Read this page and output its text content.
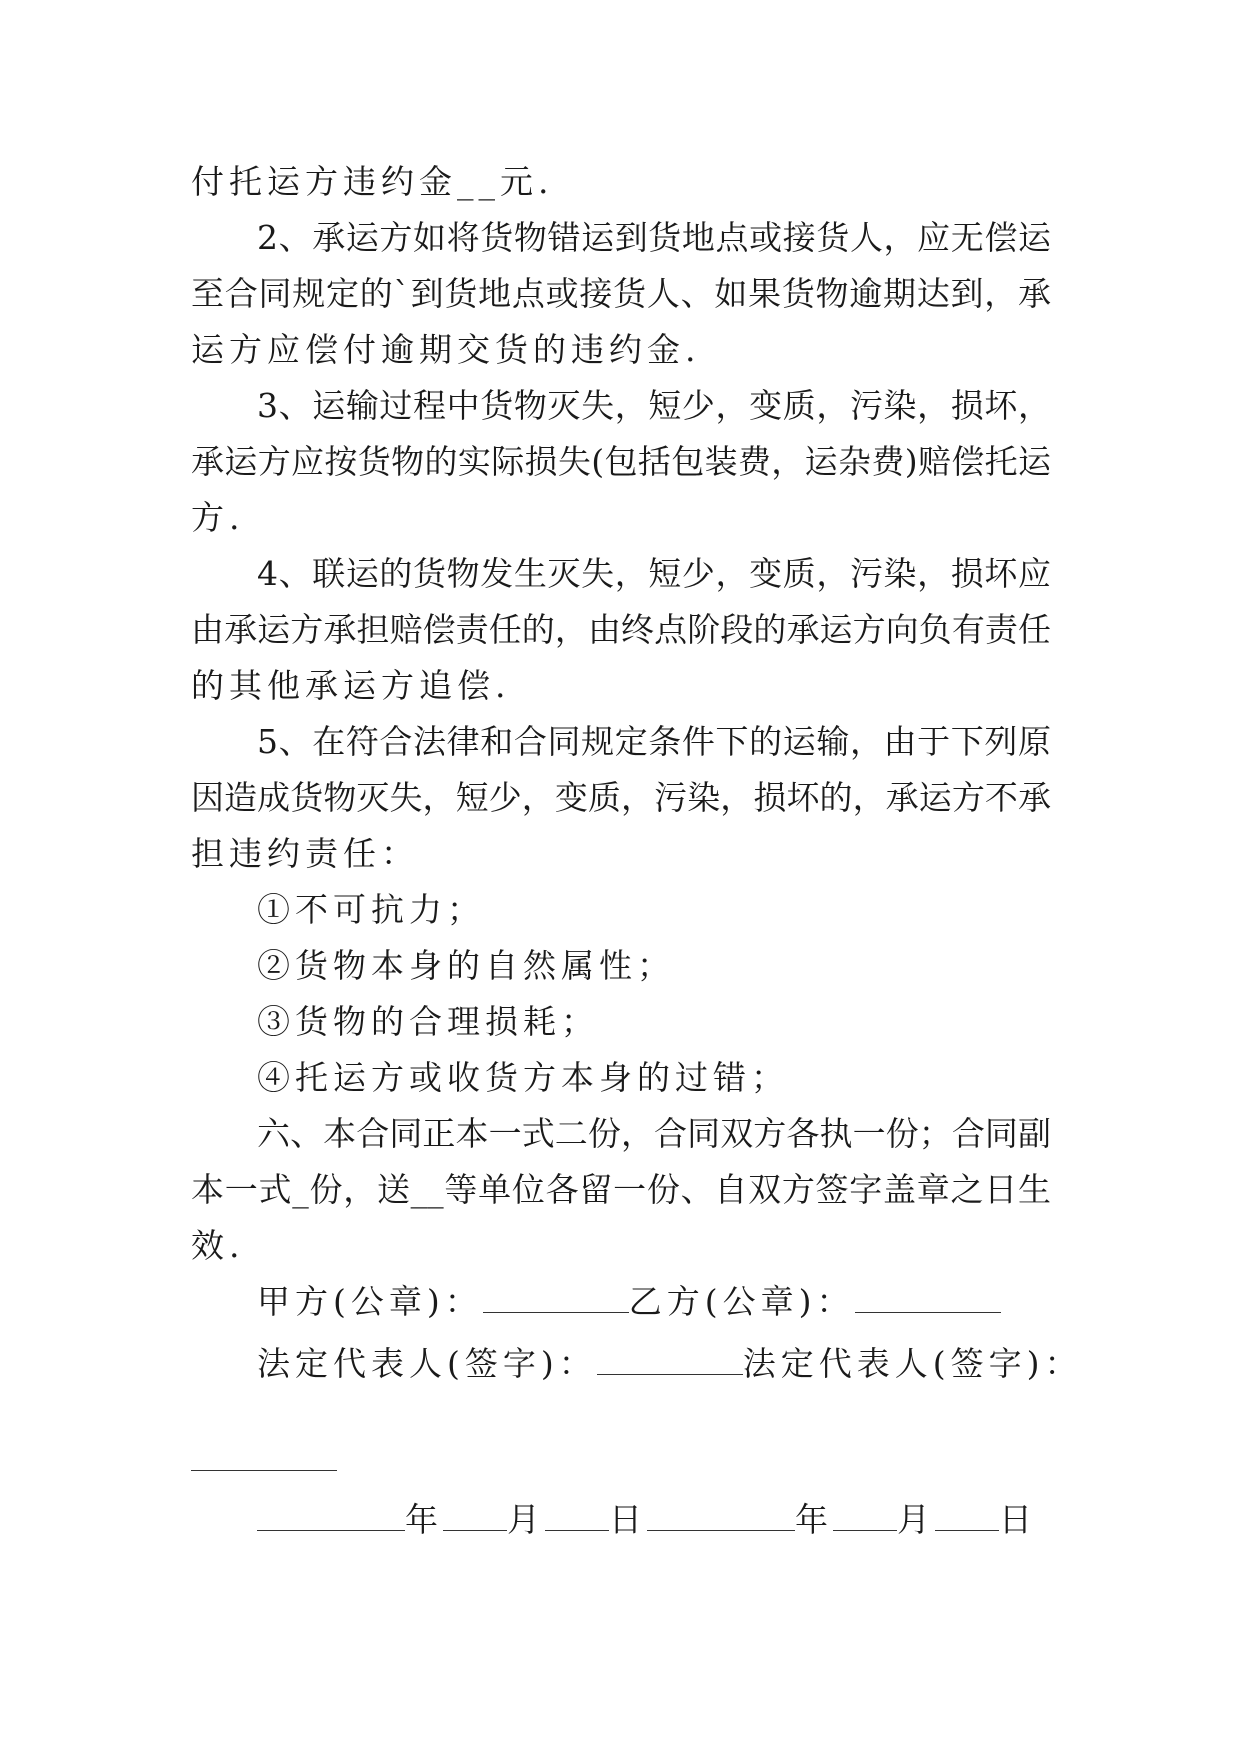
付托运方违约金__元.
2、承运方如将货物错运到货地点或接货人，应无偿运
至合同规定的`到货地点或接货人、如果货物逾期达到，承
运方应偿付逾期交货的违约金.
3、运输过程中货物灭失，短少，变质，污染，损坏，
承运方应按货物的实际损失(包括包装费，运杂费)赔偿托运
方.
4、联运的货物发生灭失，短少，变质，污染，损坏应
由承运方承担赔偿责任的，由终点阶段的承运方向负有责任
的其他承运方追偿.
5、在符合法律和合同规定条件下的运输，由于下列原
因造成货物灭失，短少，变质，污染，损坏的，承运方不承
担违约责任：
①不可抗力；
②货物本身的自然属性；
③货物的合理损耗；
④托运方或收货方本身的过错；
六、本合同正本一式二份，合同双方各执一份；合同副
本一式_份，送__等单位各留一份、自双方签字盖章之日生
效.
甲方(公章)：	乙方(公章)：
法定代表人(签字)：	法定代表人(签字)：
年 月 日	年 月 日
